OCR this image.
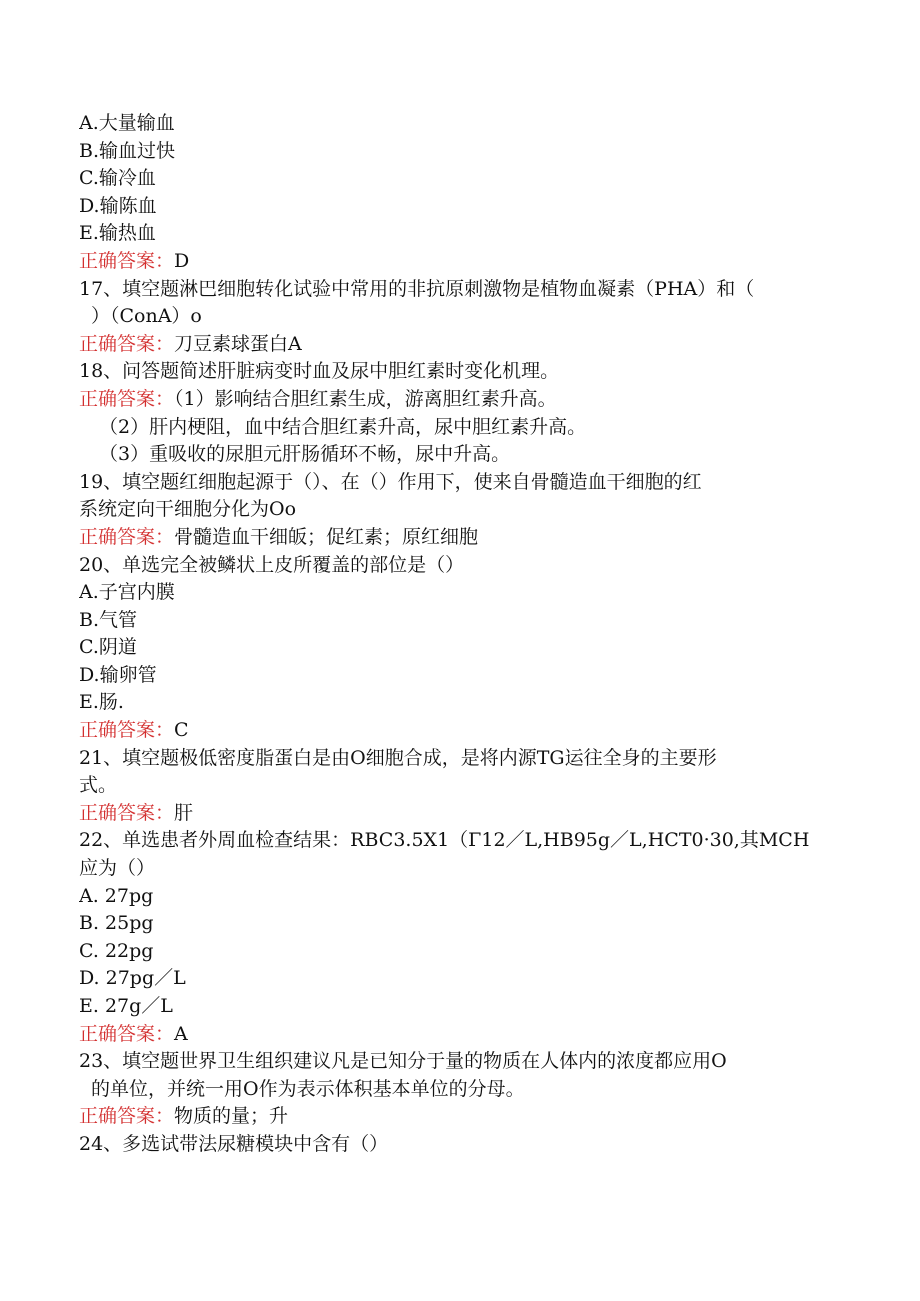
A.大量输血
B.输血过快
C.输冷血
D.输陈血
E.输热血
正确答案：D
17、填空题淋巴细胞转化试验中常用的非抗原刺激物是植物血凝素（PHA）和（
）（ConA）o
正确答案：刀豆素球蛋白A
18、问答题简述肝脏病变时血及尿中胆红素时变化机理。
正确答案：（1）影响结合胆红素生成，游离胆红素升高。
（2）肝内梗阻，血中结合胆红素升高，尿中胆红素升高。
（3）重吸收的尿胆元肝肠循环不畅，尿中升高。
19、填空题红细胞起源于（）、在（）作用下，使来自骨髓造血干细胞的红
系统定向干细胞分化为Oo
正确答案：骨髓造血干细皈；促红素；原红细胞
20、单选完全被鳞状上皮所覆盖的部位是（）
A.子宫内膜
B.气管
C.阴道
D.输卵管
E.肠.
正确答案：C
21、填空题极低密度脂蛋白是由O细胞合成，是将内源TG运往全身的主要形
式。
正确答案：肝
22、单选患者外周血检查结果：RBC3.5X1（Γ12／L,HB95g／L,HCT0·30,其MCH
应为（）
A. 27pg
B. 25pg
C. 22pg
D. 27pg／L
E. 27g／L
正确答案：A
23、填空题世界卫生组织建议凡是已知分于量的物质在人体内的浓度都应用O
的单位，并统一用O作为表示体积基本单位的分母。
正确答案：物质的量；升
24、多选试带法尿糖模块中含有（）
